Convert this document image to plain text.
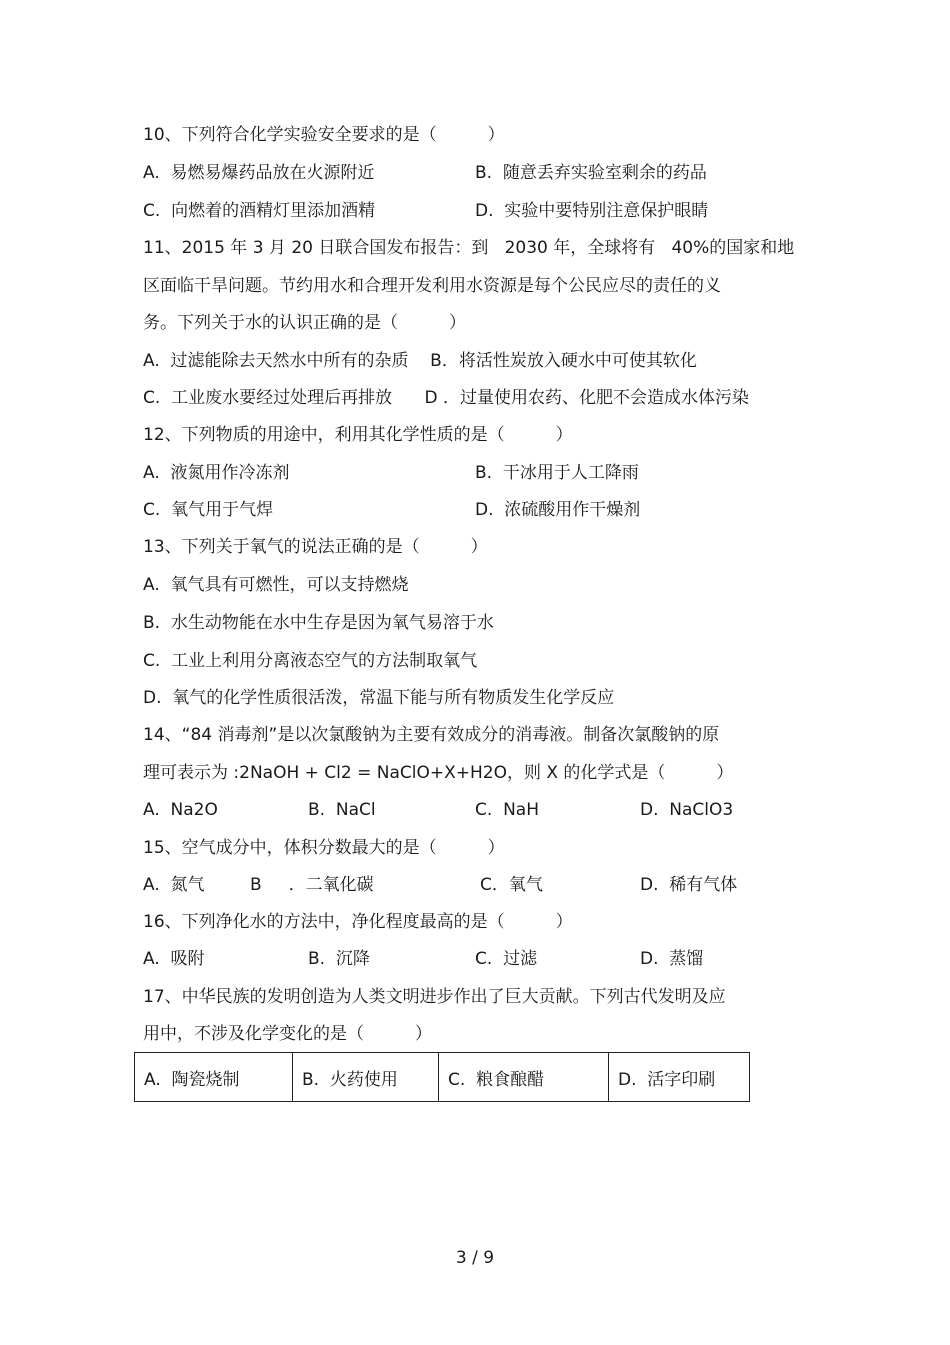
10、下列符合化学实验安全要求的是（　　　）
A.  易燃易爆药品放在火源附近	B.  随意丢弃实验室剩余的药品
C.  向燃着的酒精灯里添加酒精	D.  实验中要特别注意保护眼睛
11、2015 年 3 月 20 日联合国发布报告：到   2030 年，全球将有   40%的国家和地
区面临干旱问题。节约用水和合理开发利用水资源是每个公民应尽的责任的义
务。下列关于水的认识正确的是（　　　）
A.  过滤能除去天然水中所有的杂质    B．将活性炭放入硬水中可使其软化
C.  工业废水要经过处理后再排放      D ．过量使用农药、化肥不会造成水体污染
12、下列物质的用途中，利用其化学性质的是（　　　）
A.  液氮用作冷冻剂	B.  干冰用于人工降雨
C.  氧气用于气焊	D.  浓硫酸用作干燥剂
13、下列关于氧气的说法正确的是（　　　）
A.  氧气具有可燃性，可以支持燃烧
B.  水生动物能在水中生存是因为氧气易溶于水
C.  工业上利用分离液态空气的方法制取氧气
D.  氧气的化学性质很活泼，常温下能与所有物质发生化学反应
14、“84 消毒剂”是以次氯酸钠为主要有效成分的消毒液。制备次氯酸钠的原
理可表示为 :2NaOH + Cl2 = NaClO+X+H2O，则 X 的化学式是（　　　）
A.  Na2O	B.  NaCl	C.  NaH	D.  NaClO3
15、空气成分中，体积分数最大的是（　　　）
A.  氮气	B     ．二氧化碳	C．氧气	D.  稀有气体
16、下列净化水的方法中，净化程度最高的是（　　　）
A.  吸附	B.  沉降	C.  过滤	D.  蒸馏
17、中华民族的发明创造为人类文明进步作出了巨大贡献。下列古代发明及应
用中，不涉及化学变化的是（　　　）
A.  陶瓷烧制	B.  火药使用	C.  粮食酿醋	D.  活字印刷
3 / 9
